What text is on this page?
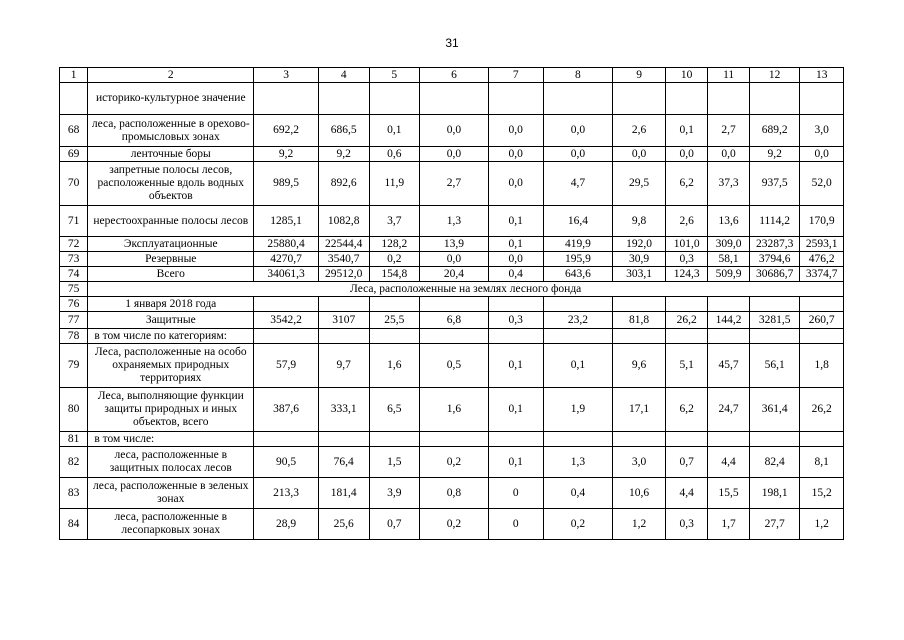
31
1	2	3	4	5	6	7	8	9	10	11	12	13
	историко-культурное значение											
68	леса, расположенные в орехово-промысловых зонах	692,2	686,5	0,1	0,0	0,0	0,0	2,6	0,1	2,7	689,2	3,0
69	ленточные боры	9,2	9,2	0,6	0,0	0,0	0,0	0,0	0,0	0,0	9,2	0,0
70	запретные полосы лесов, расположенные вдоль водных объектов	989,5	892,6	11,9	2,7	0,0	4,7	29,5	6,2	37,3	937,5	52,0
71	нерестоохранные полосы лесов	1285,1	1082,8	3,7	1,3	0,1	16,4	9,8	2,6	13,6	1114,2	170,9
72	Эксплуатационные	25880,4	22544,4	128,2	13,9	0,1	419,9	192,0	101,0	309,0	23287,3	2593,1
73	Резервные	4270,7	3540,7	0,2	0,0	0,0	195,9	30,9	0,3	58,1	3794,6	476,2
74	Всего	34061,3	29512,0	154,8	20,4	0,4	643,6	303,1	124,3	509,9	30686,7	3374,7
75	Леса, расположенные на землях лесного фонда											
76	1 января 2018 года											
77	Защитные	3542,2	3107	25,5	6,8	0,3	23,2	81,8	26,2	144,2	3281,5	260,7
78	в том числе по категориям:											
79	Леса, расположенные на особо охраняемых природных территориях	57,9	9,7	1,6	0,5	0,1	0,1	9,6	5,1	45,7	56,1	1,8
80	Леса, выполняющие функции защиты природных и иных объектов, всего	387,6	333,1	6,5	1,6	0,1	1,9	17,1	6,2	24,7	361,4	26,2
81	в том числе:											
82	леса, расположенные в защитных полосах лесов	90,5	76,4	1,5	0,2	0,1	1,3	3,0	0,7	4,4	82,4	8,1
83	леса, расположенные в зеленых зонах	213,3	181,4	3,9	0,8	0	0,4	10,6	4,4	15,5	198,1	15,2
84	леса, расположенные в лесопарковых зонах	28,9	25,6	0,7	0,2	0	0,2	1,2	0,3	1,7	27,7	1,2
